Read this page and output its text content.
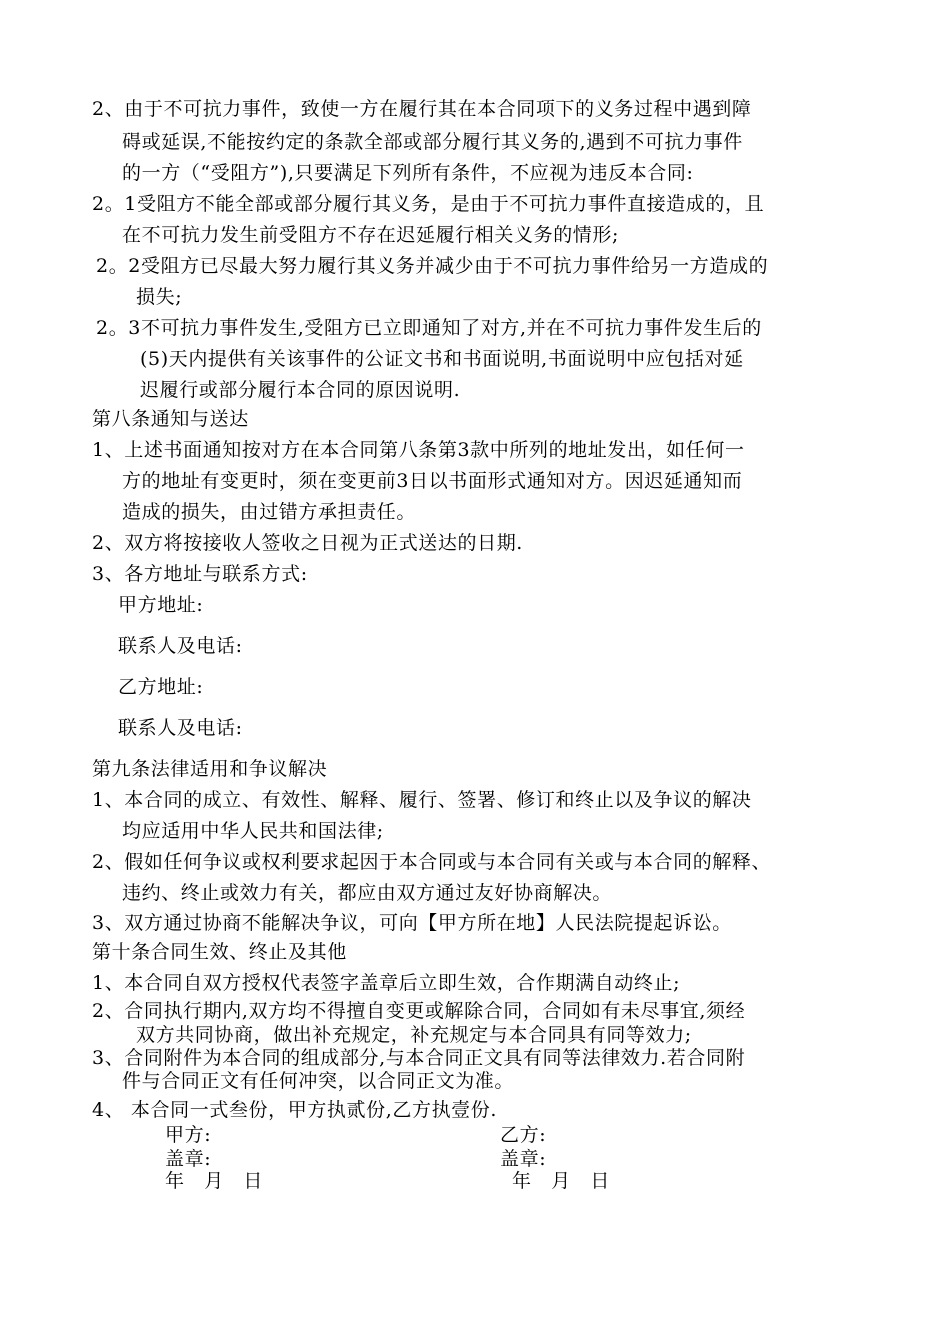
2、由于不可抗力事件，致使一方在履行其在本合同项下的义务过程中遇到障
碍或延误,不能按约定的条款全部或部分履行其义务的,遇到不可抗力事件
的一方（“受阻方”),只要满足下列所有条件，不应视为违反本合同:
2。1受阻方不能全部或部分履行其义务，是由于不可抗力事件直接造成的，且
在不可抗力发生前受阻方不存在迟延履行相关义务的情形;
2。2受阻方已尽最大努力履行其义务并减少由于不可抗力事件给另一方造成的
损失;
2。3不可抗力事件发生,受阻方已立即通知了对方,并在不可抗力事件发生后的
(5)天内提供有关该事件的公证文书和书面说明,书面说明中应包括对延
迟履行或部分履行本合同的原因说明.
第八条通知与送达
1、上述书面通知按对方在本合同第八条第3款中所列的地址发出，如任何一
方的地址有变更时，须在变更前3日以书面形式通知对方。因迟延通知而
造成的损失，由过错方承担责任。
2、双方将按接收人签收之日视为正式送达的日期.
3、各方地址与联系方式:
甲方地址:
联系人及电话:
乙方地址:
联系人及电话:
第九条法律适用和争议解决
1、本合同的成立、有效性、解释、履行、签署、修订和终止以及争议的解决
均应适用中华人民共和国法律;
2、假如任何争议或权利要求起因于本合同或与本合同有关或与本合同的解释、
违约、终止或效力有关，都应由双方通过友好协商解决。
3、双方通过协商不能解决争议，可向【甲方所在地】人民法院提起诉讼。
第十条合同生效、终止及其他
1、本合同自双方授权代表签字盖章后立即生效，合作期满自动终止;
2、合同执行期内,双方均不得擅自变更或解除合同，合同如有未尽事宜,须经
双方共同协商，做出补充规定，补充规定与本合同具有同等效力;
3、合同附件为本合同的组成部分,与本合同正文具有同等法律效力.若合同附
件与合同正文有任何冲突，以合同正文为准。
4、 本合同一式叁份，甲方执贰份,乙方执壹份.
甲方:	乙方:
盖章:	盖章:
年　月　日	年　月　日
